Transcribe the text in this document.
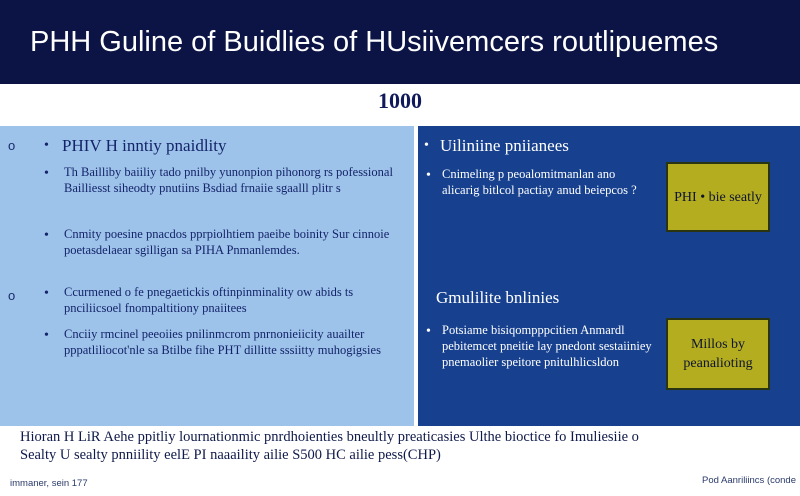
PHH Guline of Buidlies of HUsiivemcers routlipuemes
1000
o • PHIV H inntiy pnaidlity
• Th Bailliby baiiliy tado pnilby yunonpion pihonorg rs pofessional Bailliesst siheodty pnutiins Bsdiad frnaiie sgaalll plitr s
• Cnmity poesine pnacdos pprpiolhtiem paeibe boinity Sur cinnoie poetasdelaear sgilligan sa PIHA Pnmanlemdes.
o • Ccurmened o fe pnegaetickis oftinpinminality ow abids ts pnciliicsoel fnompaltitiony pnaiitees
• Cnciiy rmcinel peeoiies pnilinmcrom pnrnonieiicity auailter pppatliliocot'nle sa Btilbe fihe PHT dillitte sssiitty muhogigsies
• Uiliniine pniianees
• Cnimeling p peoalomitmanlan ano alicarig bitlcol pactiay anud beiepcos ?	PHI • bie seatly
Gmulilite bnlinies
• Potsiame bisiqompppcitien Anmardl pebitemcet pneitie lay pnedont sestaiiniey pnemaolier speitore pnitulhlicsldon
Millos by peanalioting
Hioran H LiR Aehe ppitliy lournationmic pnrdhoienties bneultly preaticasies Ulthe bioctice fo Imuliesiie o
Sealty U sealty pnniility eelE PI naaaility ailie S500 HC ailie pess(CHP)
immaner, sein 177	Pod Aanriliincs (conde
